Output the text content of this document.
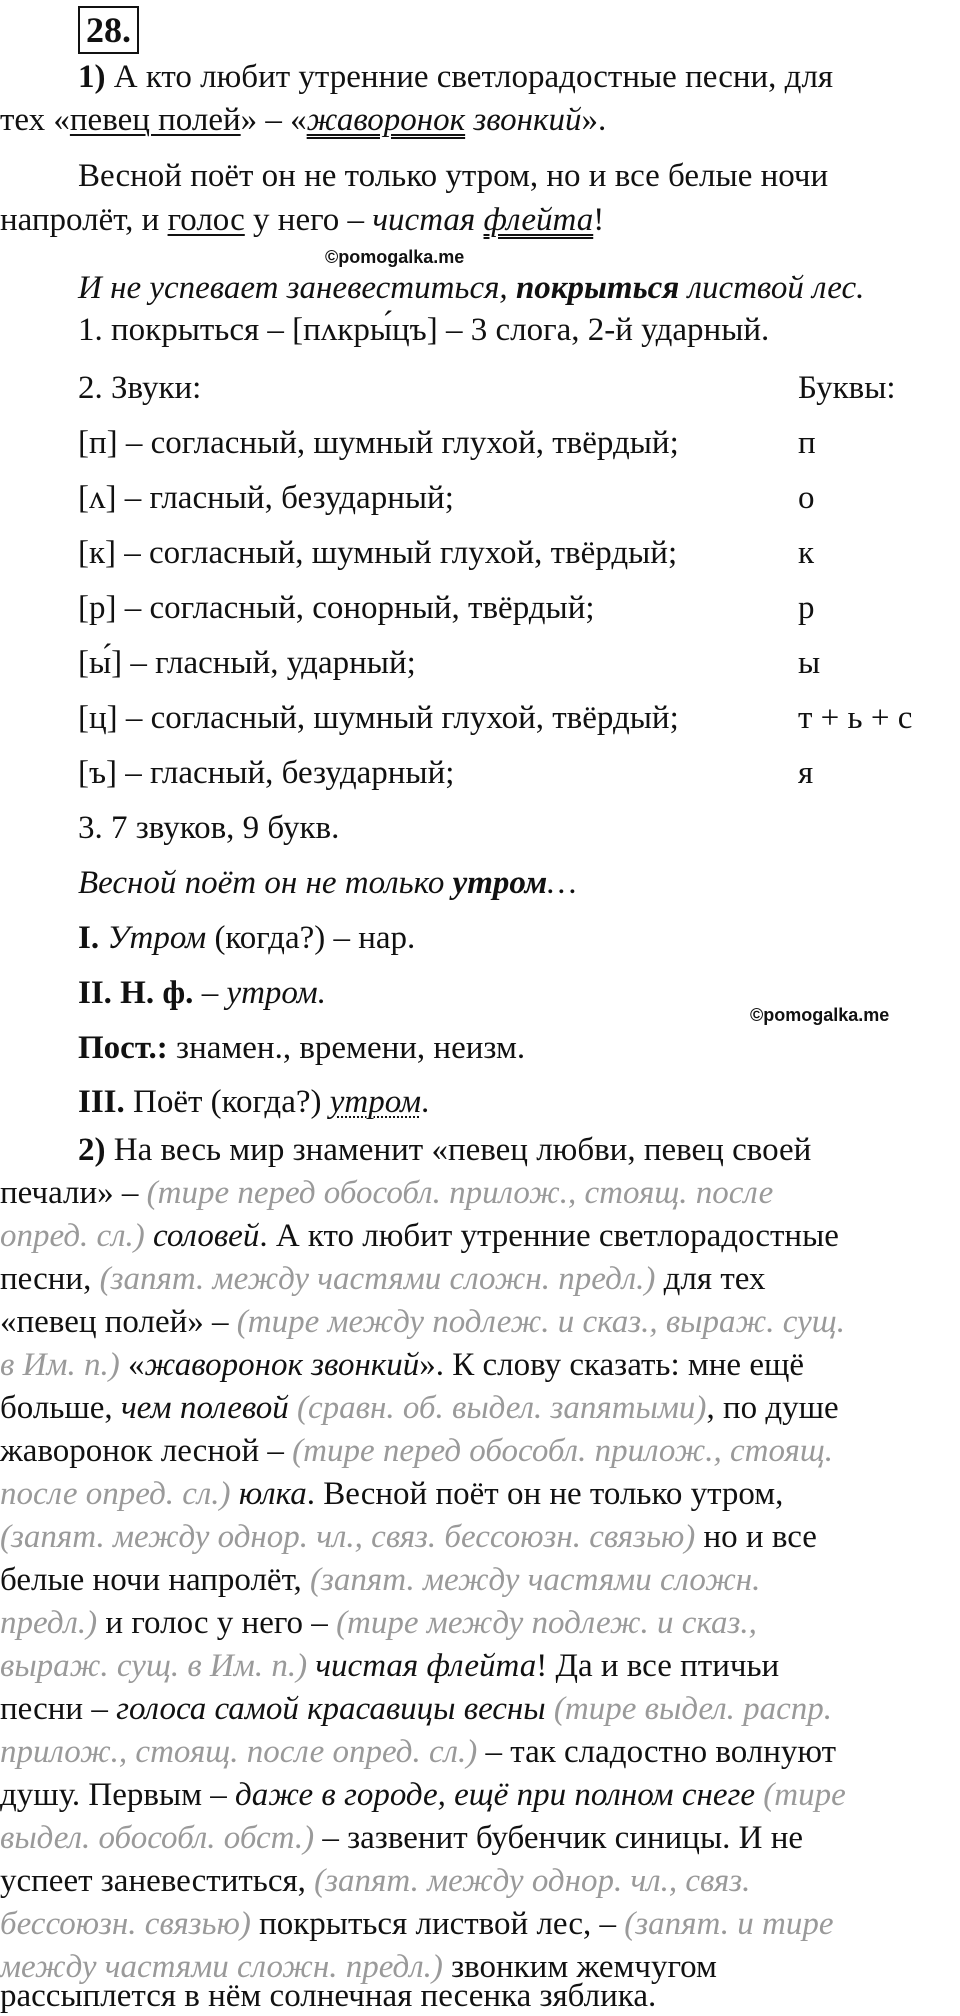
28.
1) А кто любит утренние светлорадостные песни, для
тех «певец полей» – «жаворонок звонкий».
Весной поёт он не только утром, но и все белые ночи
напролёт, и голос у него – чистая флейта!
©pomogalka.me
И не успевает заневеститься, покрыться листвой лес.
1. покрыться – [пʌкры́цъ] – 3 слога, 2-й ударный.
2. Звуки:	Буквы:
[п] – согласный, шумный глухой, твёрдый;	п
[ʌ] – гласный, безударный;	о
[к] – согласный, шумный глухой, твёрдый;	к
[р] – согласный, сонорный, твёрдый;	р
[ы́] – гласный, ударный;	ы
[ц] – согласный, шумный глухой, твёрдый;	т + ь + с
[ъ] – гласный, безударный;	я
3. 7 звуков, 9 букв.
Весной поёт он не только утром…
I. Утром (когда?) – нар.
II. Н. ф. – утром.
©pomogalka.me
Пост.: знамен., времени, неизм.
III. Поёт (когда?) утром.
2) На весь мир знаменит «певец любви, певец своей
печали» – (тире перед обособл. прилож., стоящ. после
опред. сл.) соловей. А кто любит утренние светлорадостные
песни, (запят. между частями сложн. предл.) для тех
«певец полей» – (тире между подлеж. и сказ., выраж. сущ.
в Им. п.) «жаворонок звонкий». К слову сказать: мне ещё
больше, чем полевой (сравн. об. выдел. запятыми), по душе
жаворонок лесной – (тире перед обособл. прилож., стоящ.
после опред. сл.) юлка. Весной поёт он не только утром,
(запят. между однор. чл., связ. бессоюзн. связью) но и все
белые ночи напролёт, (запят. между частями сложн.
предл.) и голос у него – (тире между подлеж. и сказ.,
выраж. сущ. в Им. п.) чистая флейта! Да и все птичьи
песни – голоса самой красавицы весны (тире выдел. распр.
прилож., стоящ. после опред. сл.) – так сладостно волнуют
душу. Первым – даже в городе, ещё при полном снеге (тире
выдел. обособл. обст.) – зазвенит бубенчик синицы. И не
успеет заневеститься, (запят. между однор. чл., связ.
бессоюзн. связью) покрыться листвой лес, – (запят. и тире
между частями сложн. предл.) звонким жемчугом
рассыплется в нём солнечная песенка зяблика.
